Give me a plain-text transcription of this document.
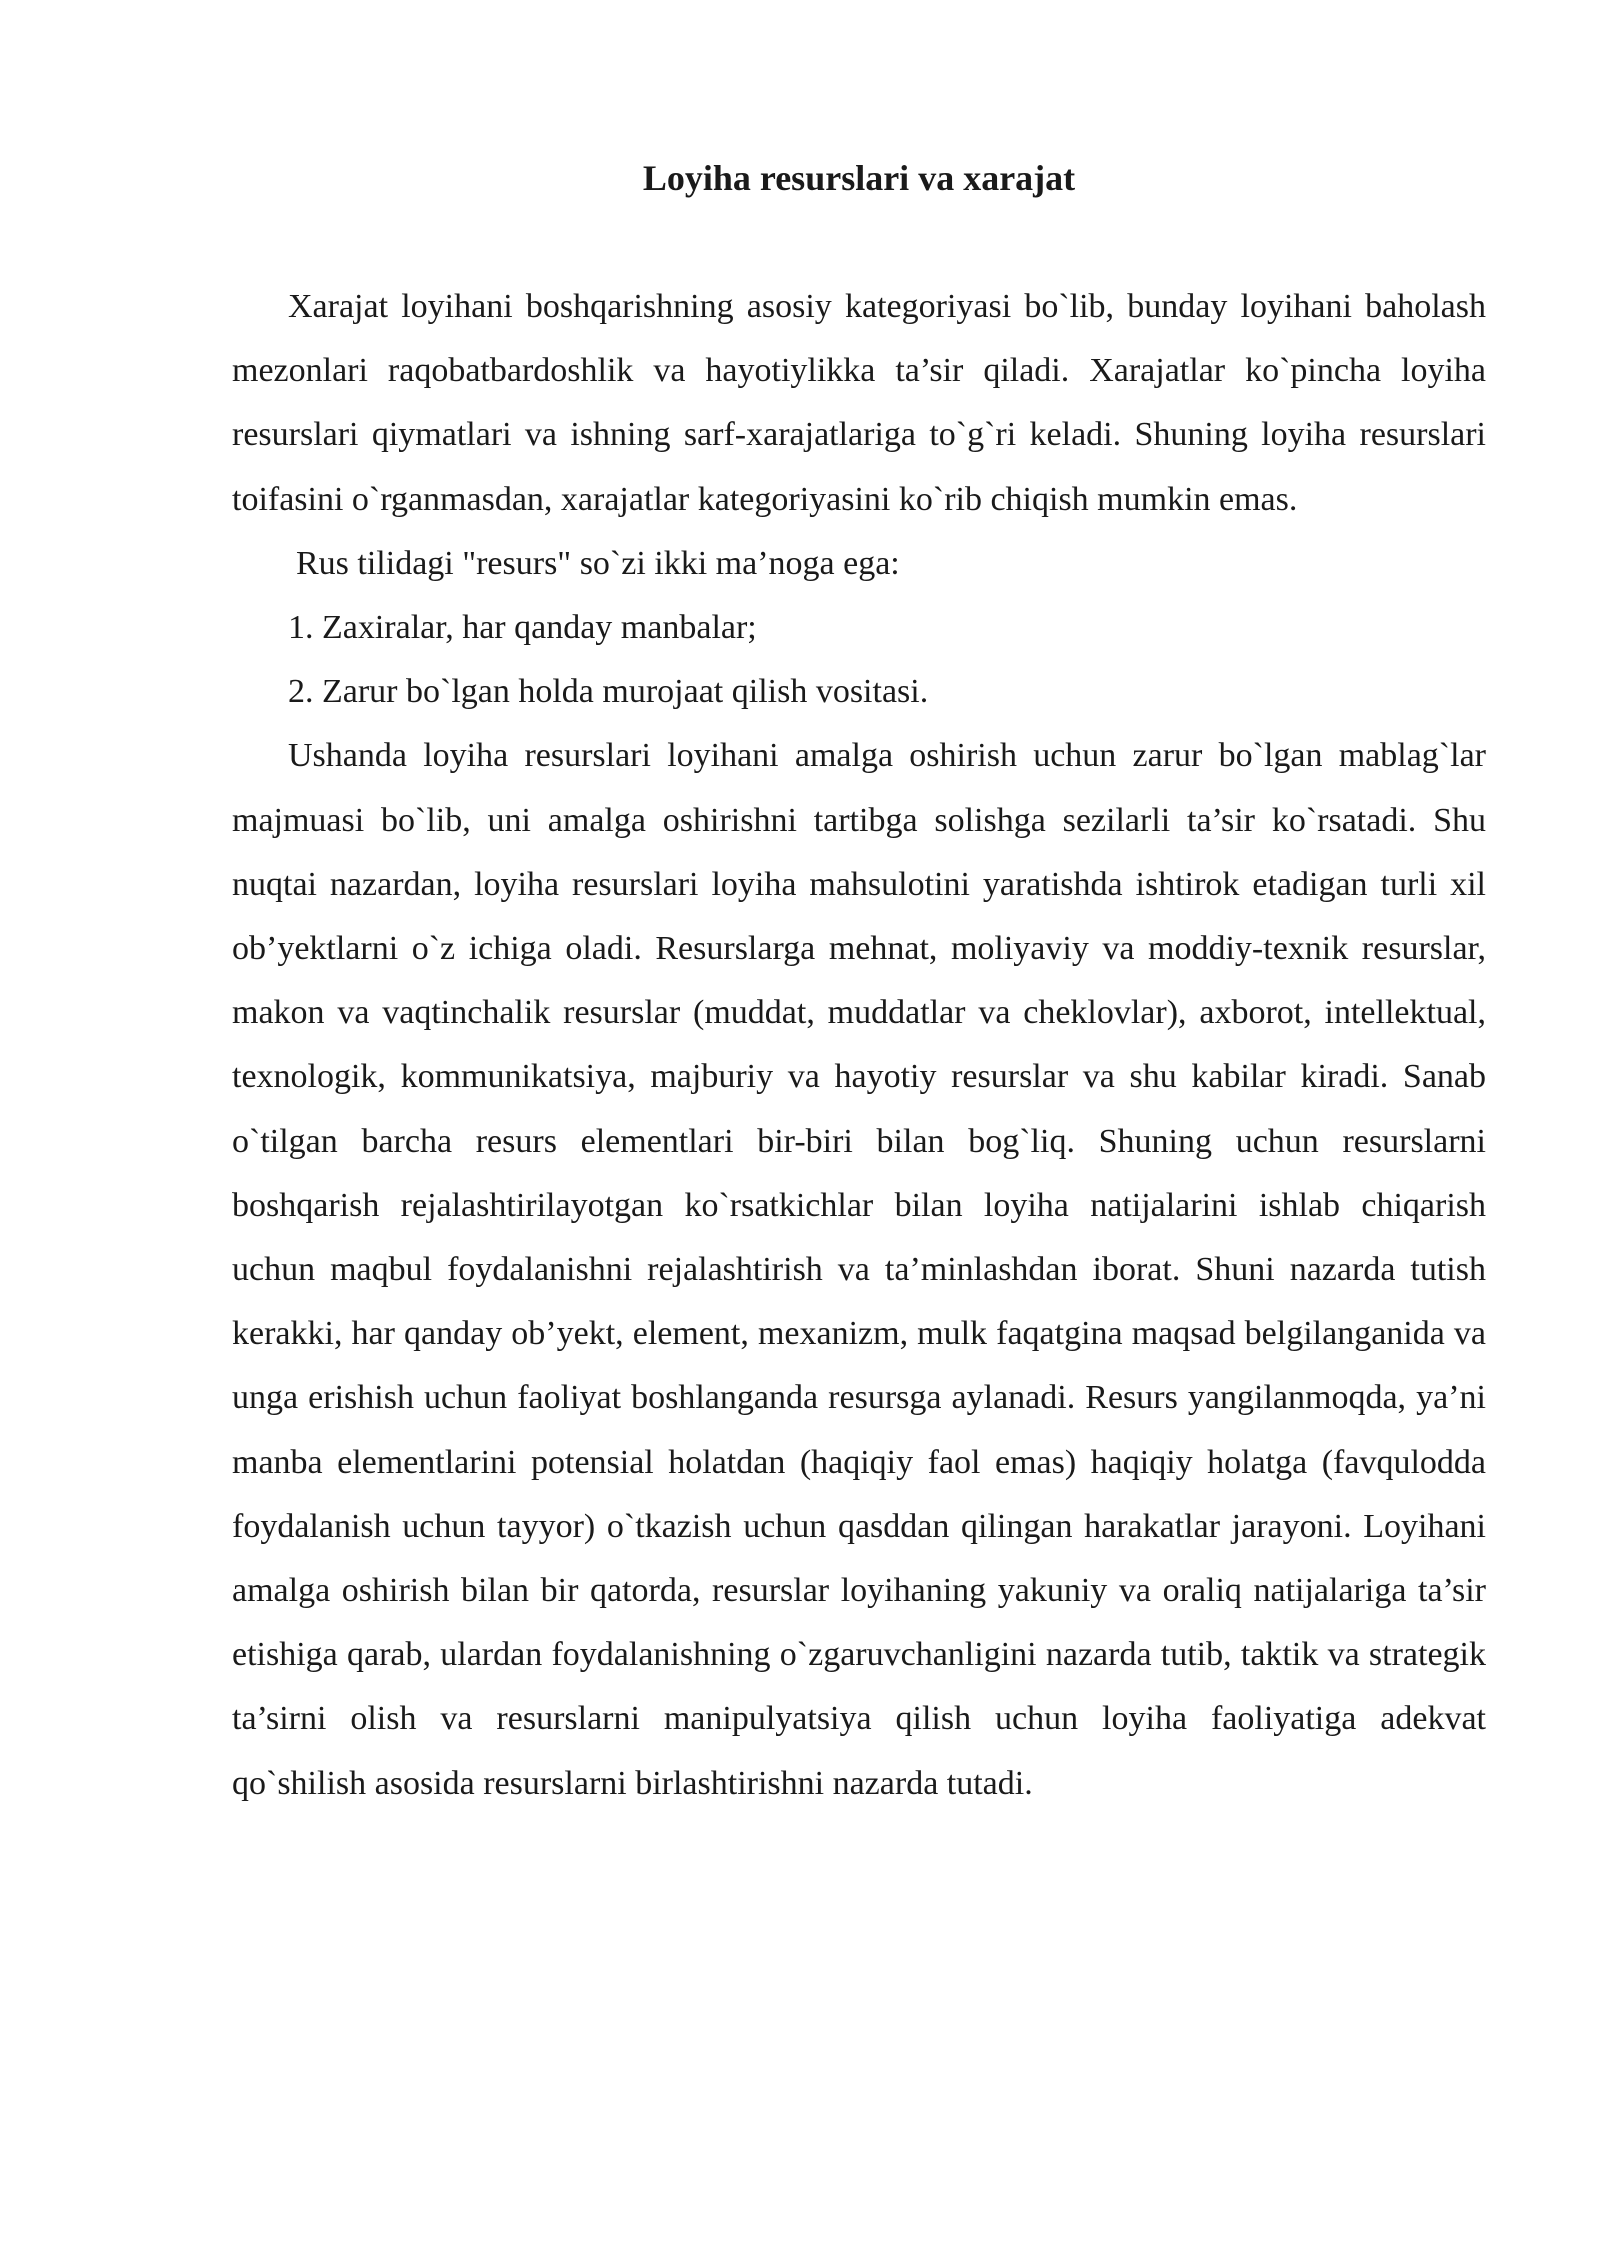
Loyiha resurslari va xarajat

Xarajat loyihani boshqarishning asosiy kategoriyasi bo`lib, bunday loyihani baholash mezonlari raqobatbardoshlik va hayotiylikka ta’sir qiladi. Xarajatlar ko`pincha loyiha resurslari qiymatlari va ishning sarf-xarajatlariga to`g`ri keladi. Shuning loyiha resurslari toifasini o`rganmasdan, xarajatlar kategoriyasini ko`rib chiqish mumkin emas.

Rus tilidagi "resurs" so`zi ikki ma’noga ega:

1. Zaxiralar, har qanday manbalar;

2. Zarur bo`lgan holda murojaat qilish vositasi.

Ushanda loyiha resurslari loyihani amalga oshirish uchun zarur bo`lgan mablag`lar majmuasi bo`lib, uni amalga oshirishni tartibga solishga sezilarli ta’sir ko`rsatadi. Shu nuqtai nazardan, loyiha resurslari loyiha mahsulotini yaratishda ishtirok etadigan turli xil ob’yektlarni o`z ichiga oladi. Resurslarga mehnat, moliyaviy va moddiy-texnik resurslar, makon va vaqtinchalik resurslar (muddat, muddatlar va cheklovlar), axborot, intellektual, texnologik, kommunikatsiya, majburiy va hayotiy resurslar va shu kabilar kiradi. Sanab o`tilgan barcha resurs elementlari bir-biri bilan bog`liq. Shuning uchun resurslarni boshqarish rejalashtirilayotgan ko`rsatkichlar bilan loyiha natijalarini ishlab chiqarish uchun maqbul foydalanishni rejalashtirish va ta’minlashdan iborat. Shuni nazarda tutish kerakki, har qanday ob’yekt, element, mexanizm, mulk faqatgina maqsad belgilanganida va unga erishish uchun faoliyat boshlanganda resursga aylanadi. Resurs yangilanmoqda, ya’ni manba elementlarini potensial holatdan (haqiqiy faol emas) haqiqiy holatga (favqulodda foydalanish uchun tayyor) o`tkazish uchun qasddan qilingan harakatlar jarayoni. Loyihani amalga oshirish bilan bir qatorda, resurslar loyihaning yakuniy va oraliq natijalariga ta’sir etishiga qarab, ulardan foydalanishning o`zgaruvchanligini nazarda tutib, taktik va strategik ta’sirni olish va resurslarni manipulyatsiya qilish uchun loyiha faoliyatiga adekvat qo`shilish asosida resurslarni birlashtirishni nazarda tutadi.
